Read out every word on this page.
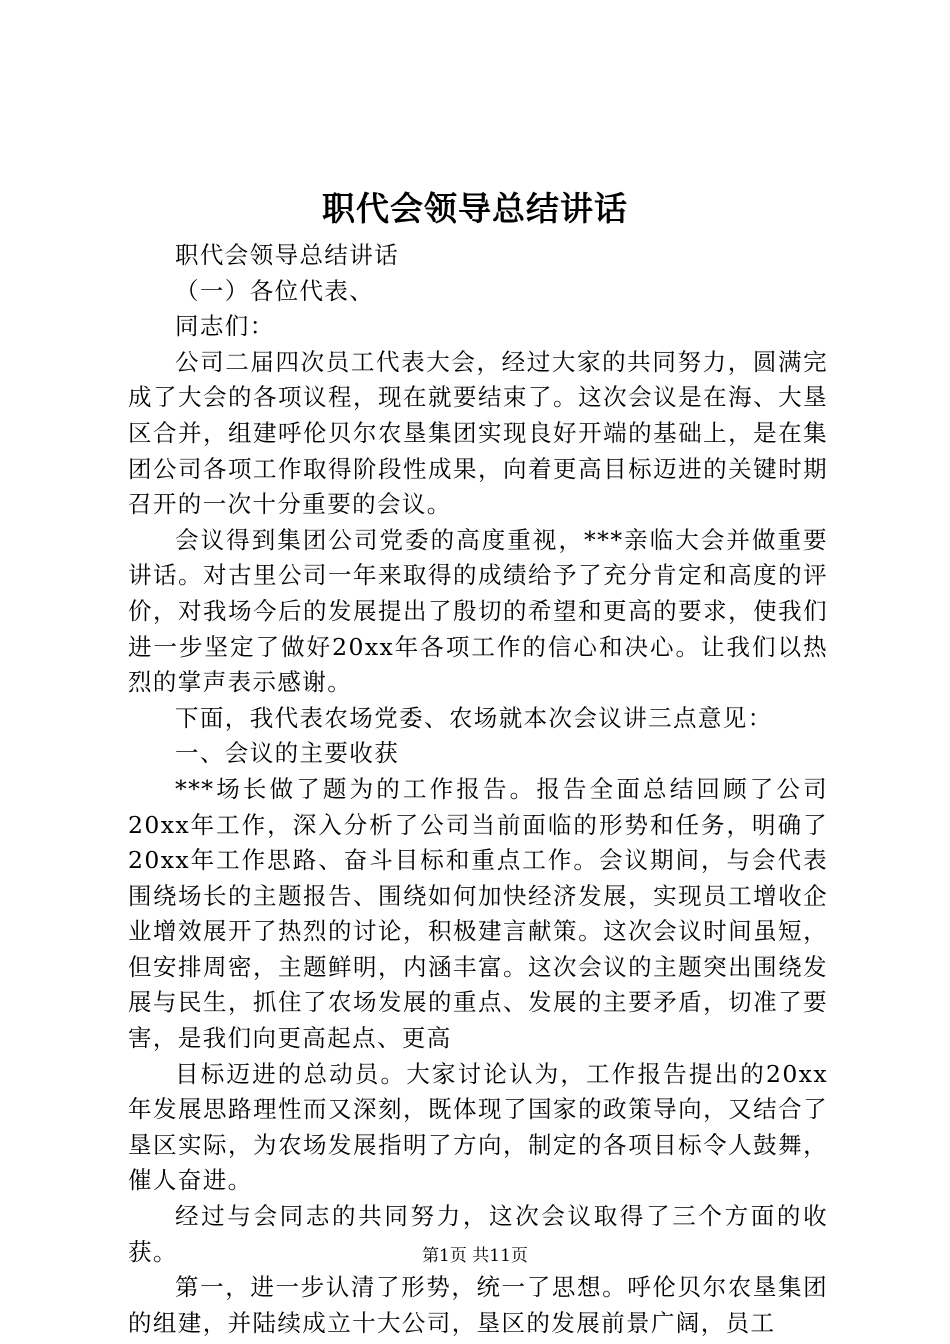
职代会领导总结讲话

职代会领导总结讲话

（一）各位代表、

同志们：

公司二届四次员工代表大会，经过大家的共同努力，圆满完成了大会的各项议程，现在就要结束了。这次会议是在海、大垦区合并，组建呼伦贝尔农垦集团实现良好开端的基础上，是在集团公司各项工作取得阶段性成果，向着更高目标迈进的关键时期召开的一次十分重要的会议。

会议得到集团公司党委的高度重视，***亲临大会并做重要讲话。对古里公司一年来取得的成绩给予了充分肯定和高度的评价，对我场今后的发展提出了殷切的希望和更高的要求，使我们进一步坚定了做好20xx年各项工作的信心和决心。让我们以热烈的掌声表示感谢。

下面，我代表农场党委、农场就本次会议讲三点意见：

一、会议的主要收获

***场长做了题为的工作报告。报告全面总结回顾了公司20xx年工作，深入分析了公司当前面临的形势和任务，明确了20xx年工作思路、奋斗目标和重点工作。会议期间，与会代表围绕场长的主题报告、围绕如何加快经济发展，实现员工增收企业增效展开了热烈的讨论，积极建言献策。这次会议时间虽短，但安排周密，主题鲜明，内涵丰富。这次会议的主题突出围绕发展与民生，抓住了农场发展的重点、发展的主要矛盾，切准了要害，是我们向更高起点、更高

目标迈进的总动员。大家讨论认为，工作报告提出的20xx年发展思路理性而又深刻，既体现了国家的政策导向，又结合了垦区实际，为农场发展指明了方向，制定的各项目标令人鼓舞，催人奋进。

经过与会同志的共同努力，这次会议取得了三个方面的收获。

第一，进一步认清了形势，统一了思想。呼伦贝尔农垦集团的组建，并陆续成立十大公司，垦区的发展前景广阔，员工

第1页 共11页
